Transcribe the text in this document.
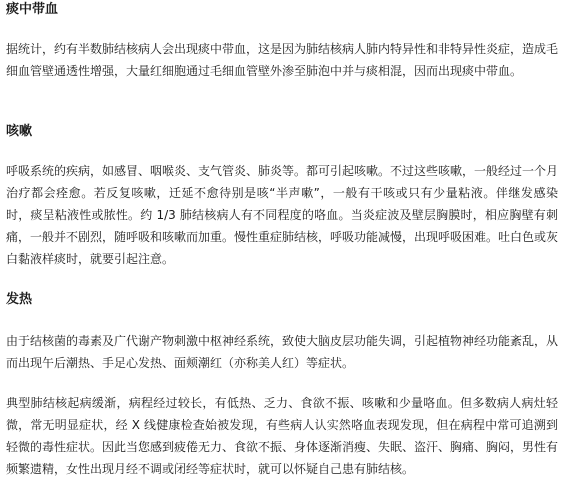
痰中带血

据统计，约有半数肺结核病人会出现痰中带血，这是因为肺结核病人肺内特异性和非特异性炎症，造成毛细血管壁通透性增强，大量红细胞通过毛细血管壁外渗至肺泡中并与痰相混，因而出现痰中带血。

咳嗽

呼吸系统的疾病，如感冒、咽喉炎、支气管炎、肺炎等。都可引起咳嗽。不过这些咳嗽，一般经过一个月治疗都会痊愈。若反复咳嗽，迁延不愈待别是咳“半声嗽”，一般有干咳或只有少量粘液。伴继发感染时，痰呈粘液性或脓性。约 1/3 肺结核病人有不同程度的咯血。当炎症波及壁层胸膜时，相应胸壁有刺痛，一般并不剧烈，随呼吸和咳嗽而加重。慢性重症肺结核，呼吸功能减慢，出现呼吸困难。吐白色或灰白黏液样痰时，就要引起注意。

发热

由于结核菌的毒素及广代谢产物刺激中枢神经系统，致使大脑皮层功能失调，引起植物神经功能紊乱，从而出现午后潮热、手足心发热、面颊潮红（亦称美人红）等症状。

典型肺结核起病缓渐，病程经过较长，有低热、乏力、食欲不振、咳嗽和少量咯血。但多数病人病灶轻微，常无明显症状，经 X 线健康检查始被发现，有些病人认实然咯血表现发现，但在病程中常可追溯到轻微的毒性症状。因此当您感到疲倦无力、食欲不振、身体逐渐消瘦、失眠、盗汗、胸痛、胸闷，男性有频繁遗精，女性出现月经不调或闭经等症状时，就可以怀疑自己患有肺结核。
